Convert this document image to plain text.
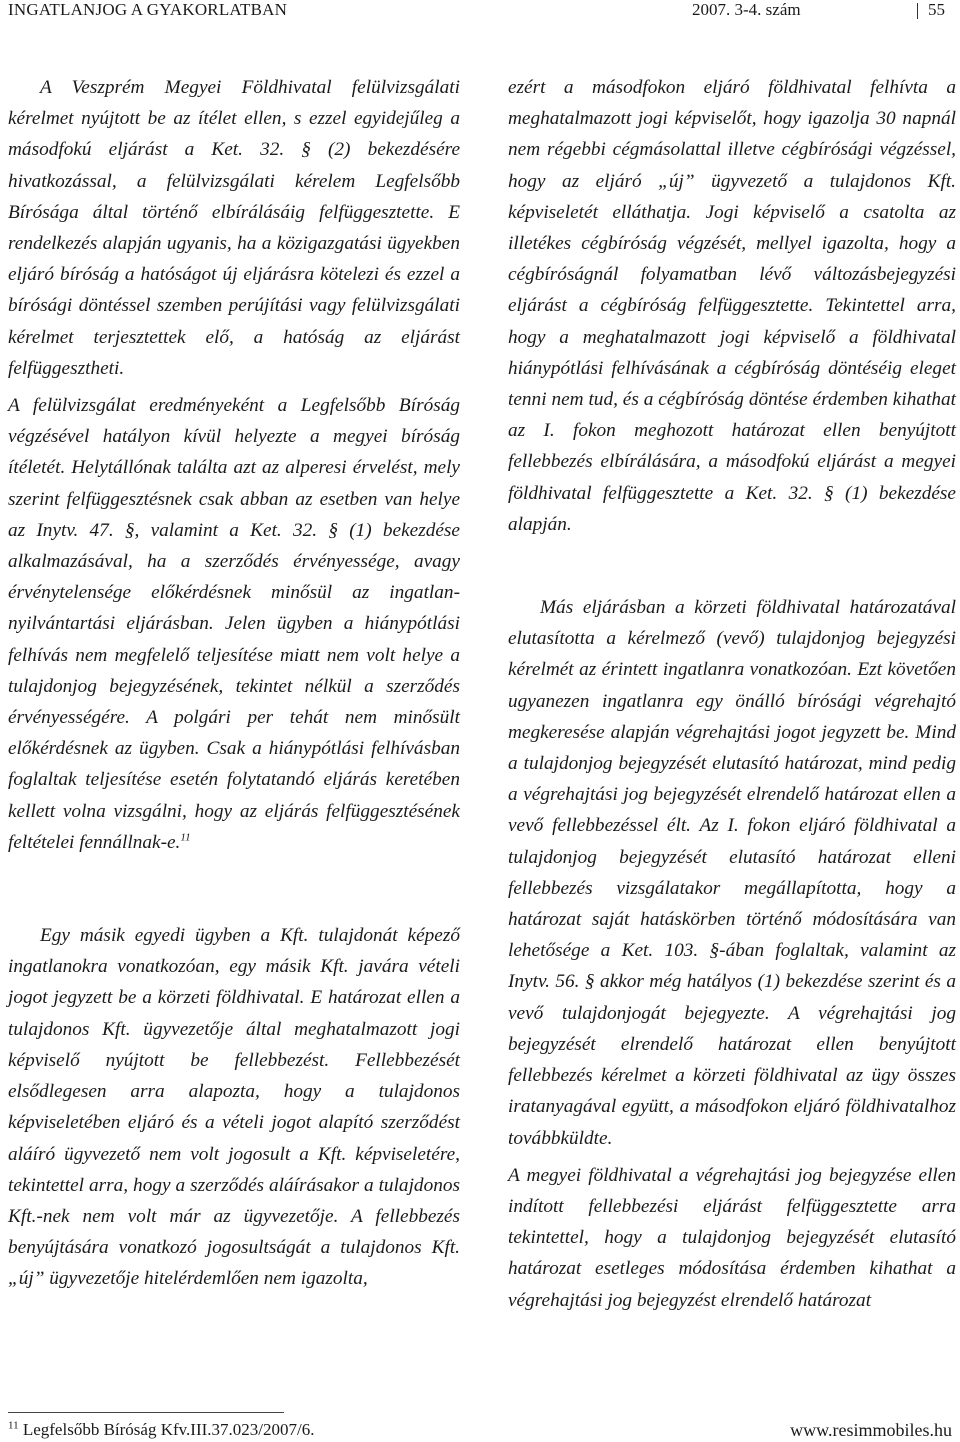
INGATLANJOG A GYAKORLATBAN	2007. 3-4. szám	55

A Veszprém Megyei Földhivatal felülvizsgálati kérelmet nyújtott be az ítélet ellen, s ezzel egyidejűleg a másodfokú eljárást a Ket. 32. § (2) bekezdésére hivatkozással, a felülvizsgálati kérelem Legfelsőbb Bírósága által történő elbírálásáig felfüggesztette. E rendelkezés alapján ugyanis, ha a közigazgatási ügyekben eljáró bíróság a hatóságot új eljárásra kötelezi és ezzel a bírósági döntéssel szemben perújítási vagy felülvizsgálati kérelmet terjesztettek elő, a hatóság az eljárást felfüggesztheti.

A felülvizsgálat eredményeként a Legfelsőbb Bíróság végzésével hatályon kívül helyezte a megyei bíróság ítéletét. Helytállónak találta azt az alperesi érvelést, mely szerint felfüggesztésnek csak abban az esetben van helye az Inytv. 47. §, valamint a Ket. 32. § (1) bekezdése alkalmazásával, ha a szerződés érvényessége, avagy érvénytelensége előkérdésnek minősül az ingatlan-nyilvántartási eljárásban. Jelen ügyben a hiánypótlási felhívás nem megfelelő teljesítése miatt nem volt helye a tulajdonjog bejegyzésének, tekintet nélkül a szerződés érvényességére. A polgári per tehát nem minősült előkérdésnek az ügyben. Csak a hiánypótlási felhívásban foglaltak teljesítése esetén folytatandó eljárás keretében kellett volna vizsgálni, hogy az eljárás felfüggesztésének feltételei fennállnak-e.$^{11}$

Egy másik egyedi ügyben a Kft. tulajdonát képező ingatlanokra vonatkozóan, egy másik Kft. javára vételi jogot jegyzett be a körzeti földhivatal. E határozat ellen a tulajdonos Kft. ügyvezetője által meghatalmazott jogi képviselő nyújtott be fellebbezést. Fellebbezését elsődlegesen arra alapozta, hogy a tulajdonos képviseletében eljáró és a vételi jogot alapító szerződést aláíró ügyvezető nem volt jogosult a Kft. képviseletére, tekintettel arra, hogy a szerződés aláírásakor a tulajdonos Kft.-nek nem volt már az ügyvezetője. A fellebbezés benyújtására vonatkozó jogosultságát a tulajdonos Kft. „új” ügyvezetője hitelérdemlően nem igazolta,

ezért a másodfokon eljáró földhivatal felhívta a meghatalmazott jogi képviselőt, hogy igazolja 30 napnál nem régebbi cégmásolattal illetve cégbírósági végzéssel, hogy az eljáró „új” ügyvezető a tulajdonos Kft. képviseletét elláthatja. Jogi képviselő a csatolta az illetékes cégbíróság végzését, mellyel igazolta, hogy a cégbíróságnál folyamatban lévő változásbejegyzési eljárást a cégbíróság felfüggesztette. Tekintettel arra, hogy a meghatalmazott jogi képviselő a földhivatal hiánypótlási felhívásának a cégbíróság döntéséig eleget tenni nem tud, és a cégbíróság döntése érdemben kihathat az I. fokon meghozott határozat ellen benyújtott fellebbezés elbírálására, a másodfokú eljárást a megyei földhivatal felfüggesztette a Ket. 32. § (1) bekezdése alapján.

Más eljárásban a körzeti földhivatal határozatával elutasította a kérelmező (vevő) tulajdonjog bejegyzési kérelmét az érintett ingatlanra vonatkozóan. Ezt követően ugyanezen ingatlanra egy önálló bírósági végrehajtó megkeresése alapján végrehajtási jogot jegyzett be. Mind a tulajdonjog bejegyzését elutasító határozat, mind pedig a végrehajtási jog bejegyzését elrendelő határozat ellen a vevő fellebbezéssel élt. Az I. fokon eljáró földhivatal a tulajdonjog bejegyzését elutasító határozat elleni fellebbezés vizsgálatakor megállapította, hogy a határozat saját hatáskörben történő módosítására van lehetősége a Ket. 103. §-ában foglaltak, valamint az Inytv. 56. § akkor még hatályos (1) bekezdése szerint és a vevő tulajdonjogát bejegyezte. A végrehajtási jog bejegyzését elrendelő határozat ellen benyújtott fellebbezés kérelmet a körzeti földhivatal az ügy összes iratanyagával együtt, a másodfokon eljáró földhivatalhoz továbbküldte.

A megyei földhivatal a végrehajtási jog bejegyzése ellen indított fellebbezési eljárást felfüggesztette arra tekintettel, hogy a tulajdonjog bejegyzését elutasító határozat esetleges módosítása érdemben kihathat a végrehajtási jog bejegyzést elrendelő határozat

$^{11}$ Legfelsőbb Bíróság Kfv.III.37.023/2007/6.	www.resimmobiles.hu
